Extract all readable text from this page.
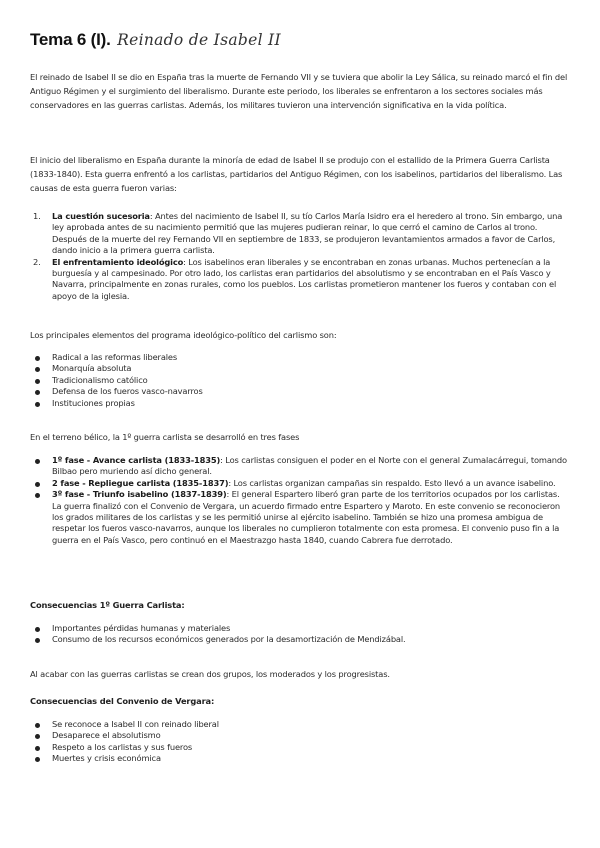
Tema 6 (I). Reinado de Isabel II

El reinado de Isabel II se dio en España tras la muerte de Fernando VII y se tuviera que abolir la Ley Sálica, su reinado marcó el fin del Antiguo Régimen y el surgimiento del liberalismo. Durante este periodo, los liberales se enfrentaron a los sectores sociales más conservadores en las guerras carlistas. Además, los militares tuvieron una intervención significativa en la vida política.

El inicio del liberalismo en España durante la minoría de edad de Isabel II se produjo con el estallido de la Primera Guerra Carlista (1833-1840). Esta guerra enfrentó a los carlistas, partidarios del Antiguo Régimen, con los isabelinos, partidarios del liberalismo. Las causas de esta guerra fueron varias:

1. La cuestión sucesoria: Antes del nacimiento de Isabel II, su tío Carlos María Isidro era el heredero al trono. Sin embargo, una ley aprobada antes de su nacimiento permitió que las mujeres pudieran reinar, lo que cerró el camino de Carlos al trono. Después de la muerte del rey Fernando VII en septiembre de 1833, se produjeron levantamientos armados a favor de Carlos, dando inicio a la primera guerra carlista.
2. El enfrentamiento ideológico: Los isabelinos eran liberales y se encontraban en zonas urbanas. Muchos pertenecían a la burguesía y al campesinado. Por otro lado, los carlistas eran partidarios del absolutismo y se encontraban en el País Vasco y Navarra, principalmente en zonas rurales, como los pueblos. Los carlistas prometieron mantener los fueros y contaban con el apoyo de la iglesia.

Los principales elementos del programa ideológico-político del carlismo son:

Radical a las reformas liberales
Monarquía absoluta
Tradicionalismo católico
Defensa de los fueros vasco-navarros
Instituciones propias

En el terreno bélico, la 1º guerra carlista se desarrolló en tres fases

1º fase - Avance carlista (1833-1835): Los carlistas consiguen el poder en el Norte con el general Zumalacárregui, tomando Bilbao pero muriendo así dicho general.
2 fase - Repliegue carlista (1835-1837): Los carlistas organizan campañas sin respaldo. Esto llevó a un avance isabelino.
3º fase - Triunfo isabelino (1837-1839): El general Espartero liberó gran parte de los territorios ocupados por los carlistas. La guerra finalizó con el Convenio de Vergara, un acuerdo firmado entre Espartero y Maroto. En este convenio se reconocieron los grados militares de los carlistas y se les permitió unirse al ejército isabelino. También se hizo una promesa ambigua de respetar los fueros vasco-navarros, aunque los liberales no cumplieron totalmente con esta promesa. El convenio puso fin a la guerra en el País Vasco, pero continuó en el Maestrazgo hasta 1840, cuando Cabrera fue derrotado.
Consecuencias 1º Guerra Carlista:
Importantes pérdidas humanas y materiales
Consumo de los recursos económicos generados por la desamortización de Mendizábal.

Al acabar con las guerras carlistas se crean dos grupos, los moderados y los progresistas.

Consecuencias del Convenio de Vergara:
Se reconoce a Isabel II con reinado liberal
Desaparece el absolutismo
Respeto a los carlistas y sus fueros
Muertes y crisis económica
